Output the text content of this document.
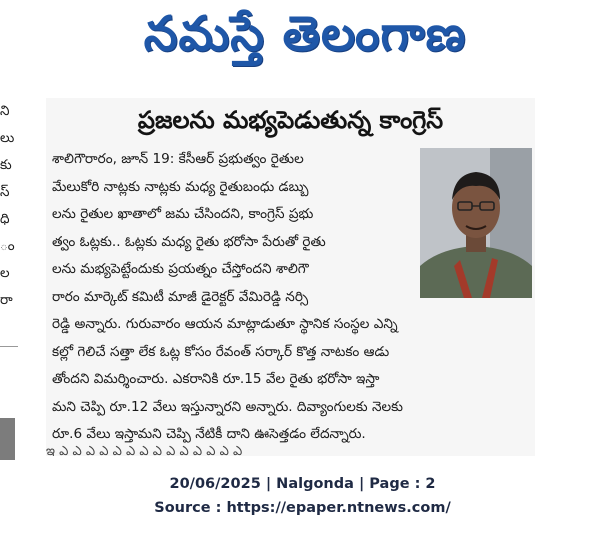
నమస్తే తెలంగాణ
ని
లు
కు
స్
ధి
ం
ల
రా
ప్రజలను మభ్యపెడుతున్న కాంగ్రెస్
శాలిగౌరారం, జూన్ 19: కేసీఆర్ ప్రభుత్వం రైతుల
మేలుకోరి నాట్లకు నాట్లకు మధ్య రైతుబంధు డబ్బు
లను రైతుల ఖాతాలో జమ చేసిందని, కాంగ్రెస్ ప్రభు
త్వం ఓట్లకు.. ఓట్లకు మధ్య రైతు భరోసా పేరుతో రైతు
లను మభ్యపెట్టేందుకు ప్రయత్నం చేస్తోందని శాలిగౌ
రారం మార్కెట్ కమిటీ మాజీ డైరెక్టర్ వేమిరెడ్డి నర్సి
రెడ్డి అన్నారు. గురువారం ఆయన మాట్లాడుతూ స్థానిక సంస్థల ఎన్ని
కల్లో గెలిచే సత్తా లేక ఓట్ల కోసం రేవంత్ సర్కార్ కొత్త నాటకం ఆడు
తోందని విమర్శించారు. ఎకరానికి రూ.15 వేల రైతు భరోసా ఇస్తా
మని చెప్పి రూ.12 వేలు ఇస్తున్నారని అన్నారు. దివ్యాంగులకు నెలకు
రూ.6 వేలు ఇస్తామని చెప్పి నేటికీ దాని ఊసెత్తడం లేదన్నారు.
ఇ ఎ ఎ ఎ ఎ ఎ ఎ ఎ ఎ ఎ ఎ ఎ ఎ ఎ ఎ
20/06/2025 | Nalgonda | Page : 2
Source : https://epaper.ntnews.com/
